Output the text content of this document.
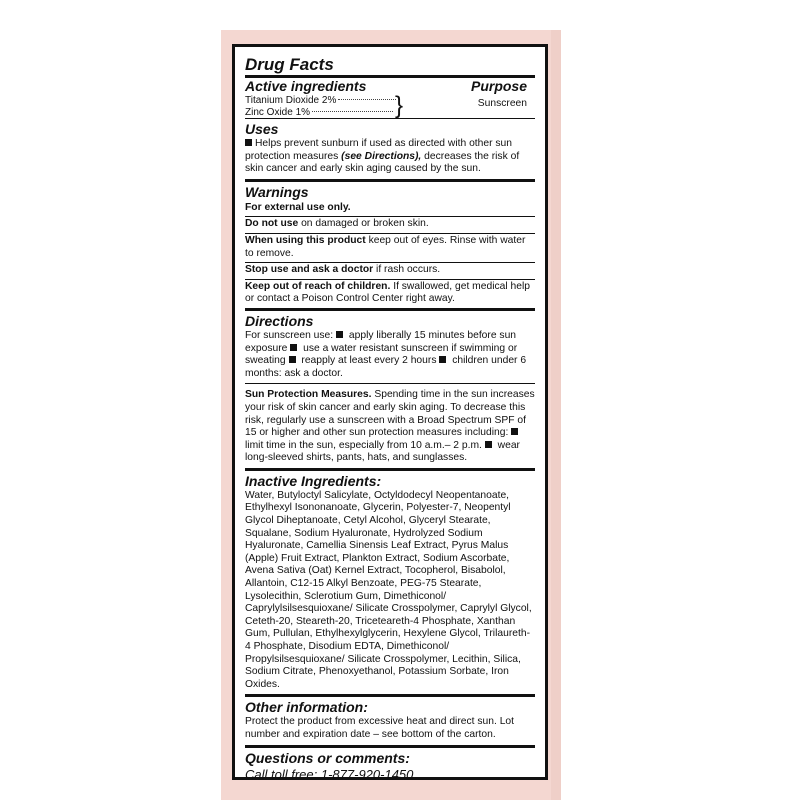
Drug Facts
Active ingredients
Titanium Dioxide 2%
Zinc Oxide 1%	}
Purpose
Sunscreen
Uses
Helps prevent sunburn if used as directed with other sun protection measures (see Directions), decreases the risk of skin cancer and early skin aging caused by the sun.
Warnings
For external use only.
Do not use on damaged or broken skin.
When using this product keep out of eyes. Rinse with water to remove.
Stop use and ask a doctor if rash occurs.
Keep out of reach of children. If swallowed, get medical help or contact a Poison Control Center right away.
Directions
For sunscreen use: apply liberally 15 minutes before sun exposure use a water resistant sunscreen if swimming or sweating reapply at least every 2 hours children under 6 months: ask a doctor.
Sun Protection Measures. Spending time in the sun increases your risk of skin cancer and early skin aging. To decrease this risk, regularly use a sunscreen with a Broad Spectrum SPF of 15 or higher and other sun protection measures including:  limit time in the sun, especially from 10 a.m.– 2 p.m. wear long-sleeved shirts, pants, hats, and sunglasses.
Inactive Ingredients:
Water, Butyloctyl Salicylate, Octyldodecyl Neopentanoate, Ethylhexyl Isononanoate, Glycerin, Polyester-7, Neopentyl Glycol Diheptanoate, Cetyl Alcohol, Glyceryl Stearate, Squalane, Sodium Hyaluronate, Hydrolyzed Sodium Hyaluronate, Camellia Sinensis Leaf Extract, Pyrus Malus (Apple) Fruit Extract, Plankton Extract, Sodium Ascorbate, Avena Sativa (Oat) Kernel Extract, Tocopherol, Bisabolol, Allantoin, C12-15 Alkyl Benzoate, PEG-75 Stearate, Lysolecithin, Sclerotium Gum, Dimethiconol/ Caprylylsilsesquioxane/ Silicate Crosspolymer, Caprylyl Glycol, Ceteth-20, Steareth-20, Triceteareth-4 Phosphate, Xanthan Gum, Pullulan, Ethylhexylglycerin, Hexylene Glycol, Trilaureth-4 Phosphate, Disodium EDTA, Dimethiconol/ Propylsilsesquioxane/ Silicate Crosspolymer, Lecithin, Silica, Sodium Citrate, Phenoxyethanol, Potassium Sorbate, Iron Oxides.
Other information:
Protect the product from excessive heat and direct sun. Lot number and expiration date – see bottom of the carton.
Questions or comments:
Call toll free: 1-877-920-1450
